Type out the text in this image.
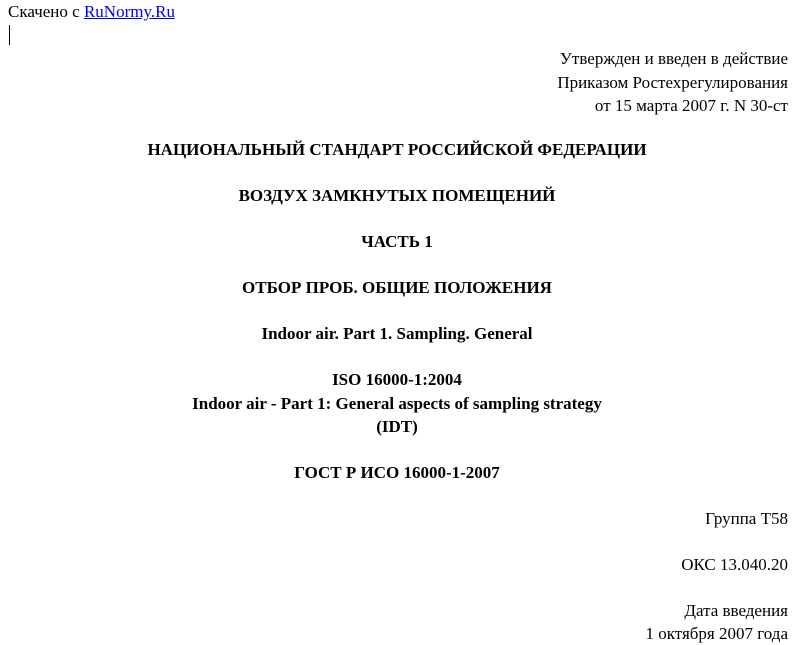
Скачено с RuNormy.Ru
Утвержден и введен в действие
Приказом Ростехрегулирования
от 15 марта 2007 г. N 30-ст
НАЦИОНАЛЬНЫЙ СТАНДАРТ РОССИЙСКОЙ ФЕДЕРАЦИИ
ВОЗДУХ ЗАМКНУТЫХ ПОМЕЩЕНИЙ
ЧАСТЬ 1
ОТБОР ПРОБ. ОБЩИЕ ПОЛОЖЕНИЯ
Indoor air. Part 1. Sampling. General
ISO 16000-1:2004
Indoor air - Part 1: General aspects of sampling strategy
(IDT)
ГОСТ Р ИСО 16000-1-2007
Группа Т58
ОКС 13.040.20
Дата введения
1 октября 2007 года
